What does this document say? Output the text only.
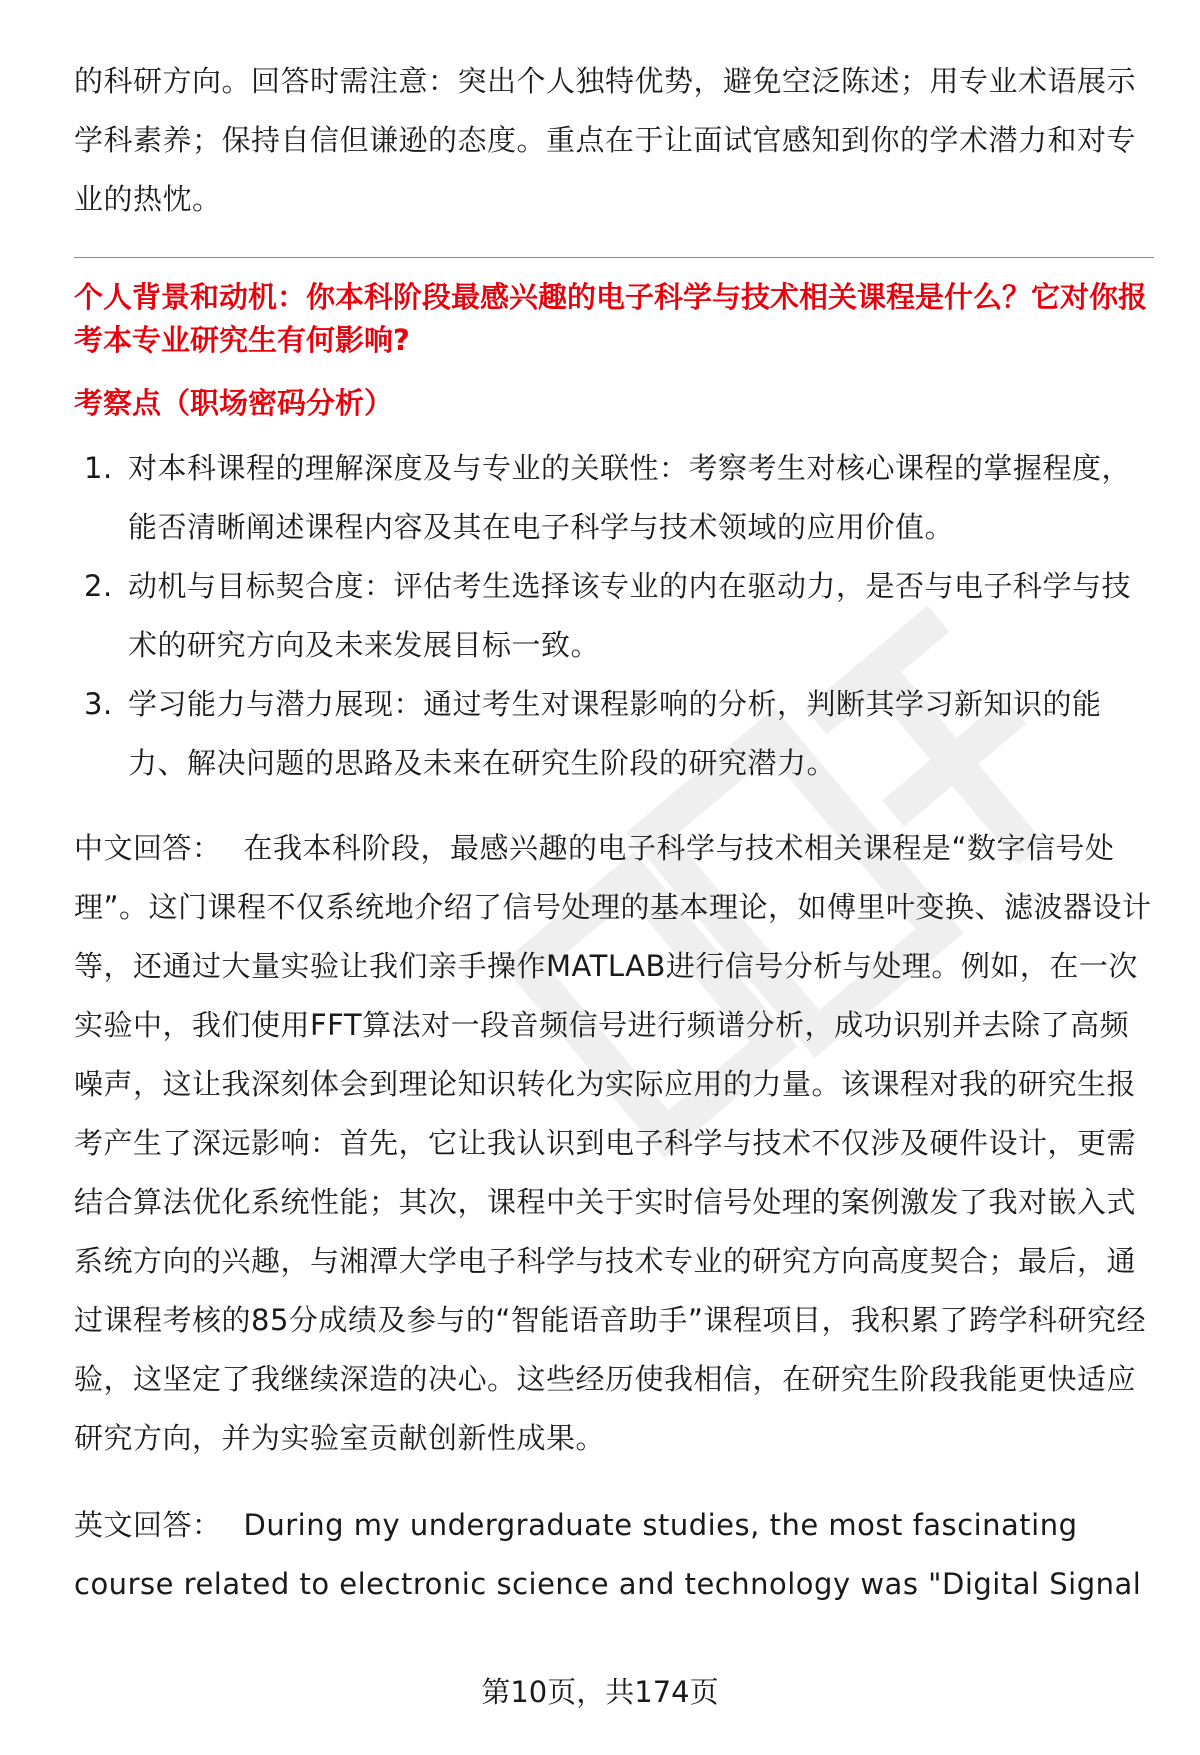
的科研方向。回答时需注意：突出个人独特优势，避免空泛陈述；用专业术语展示学科素养；保持自信但谦逊的态度。重点在于让面试官感知到你的学术潜力和对专业的热忱。

个人背景和动机：你本科阶段最感兴趣的电子科学与技术相关课程是什么？它对你报考本专业研究生有何影响?

考察点（职场密码分析）

1. 对本科课程的理解深度及与专业的关联性：考察考生对核心课程的掌握程度，能否清晰阐述课程内容及其在电子科学与技术领域的应用价值。
2. 动机与目标契合度：评估考生选择该专业的内在驱动力，是否与电子科学与技术的研究方向及未来发展目标一致。
3. 学习能力与潜力展现：通过考生对课程影响的分析，判断其学习新知识的能力、解决问题的思路及未来在研究生阶段的研究潜力。

中文回答： 在我本科阶段，最感兴趣的电子科学与技术相关课程是“数字信号处理”。这门课程不仅系统地介绍了信号处理的基本理论，如傅里叶变换、滤波器设计等，还通过大量实验让我们亲手操作MATLAB进行信号分析与处理。例如，在一次实验中，我们使用FFT算法对一段音频信号进行频谱分析，成功识别并去除了高频噪声，这让我深刻体会到理论知识转化为实际应用的力量。该课程对我的研究生报考产生了深远影响：首先，它让我认识到电子科学与技术不仅涉及硬件设计，更需结合算法优化系统性能；其次，课程中关于实时信号处理的案例激发了我对嵌入式系统方向的兴趣，与湘潭大学电子科学与技术专业的研究方向高度契合；最后，通过课程考核的85分成绩及参与的“智能语音助手”课程项目，我积累了跨学科研究经验，这坚定了我继续深造的决心。这些经历使我相信，在研究生阶段我能更快适应研究方向，并为实验室贡献创新性成果。

英文回答： During my undergraduate studies, the most fascinating course related to electronic science and technology was "Digital Signal

第10页，共174页
